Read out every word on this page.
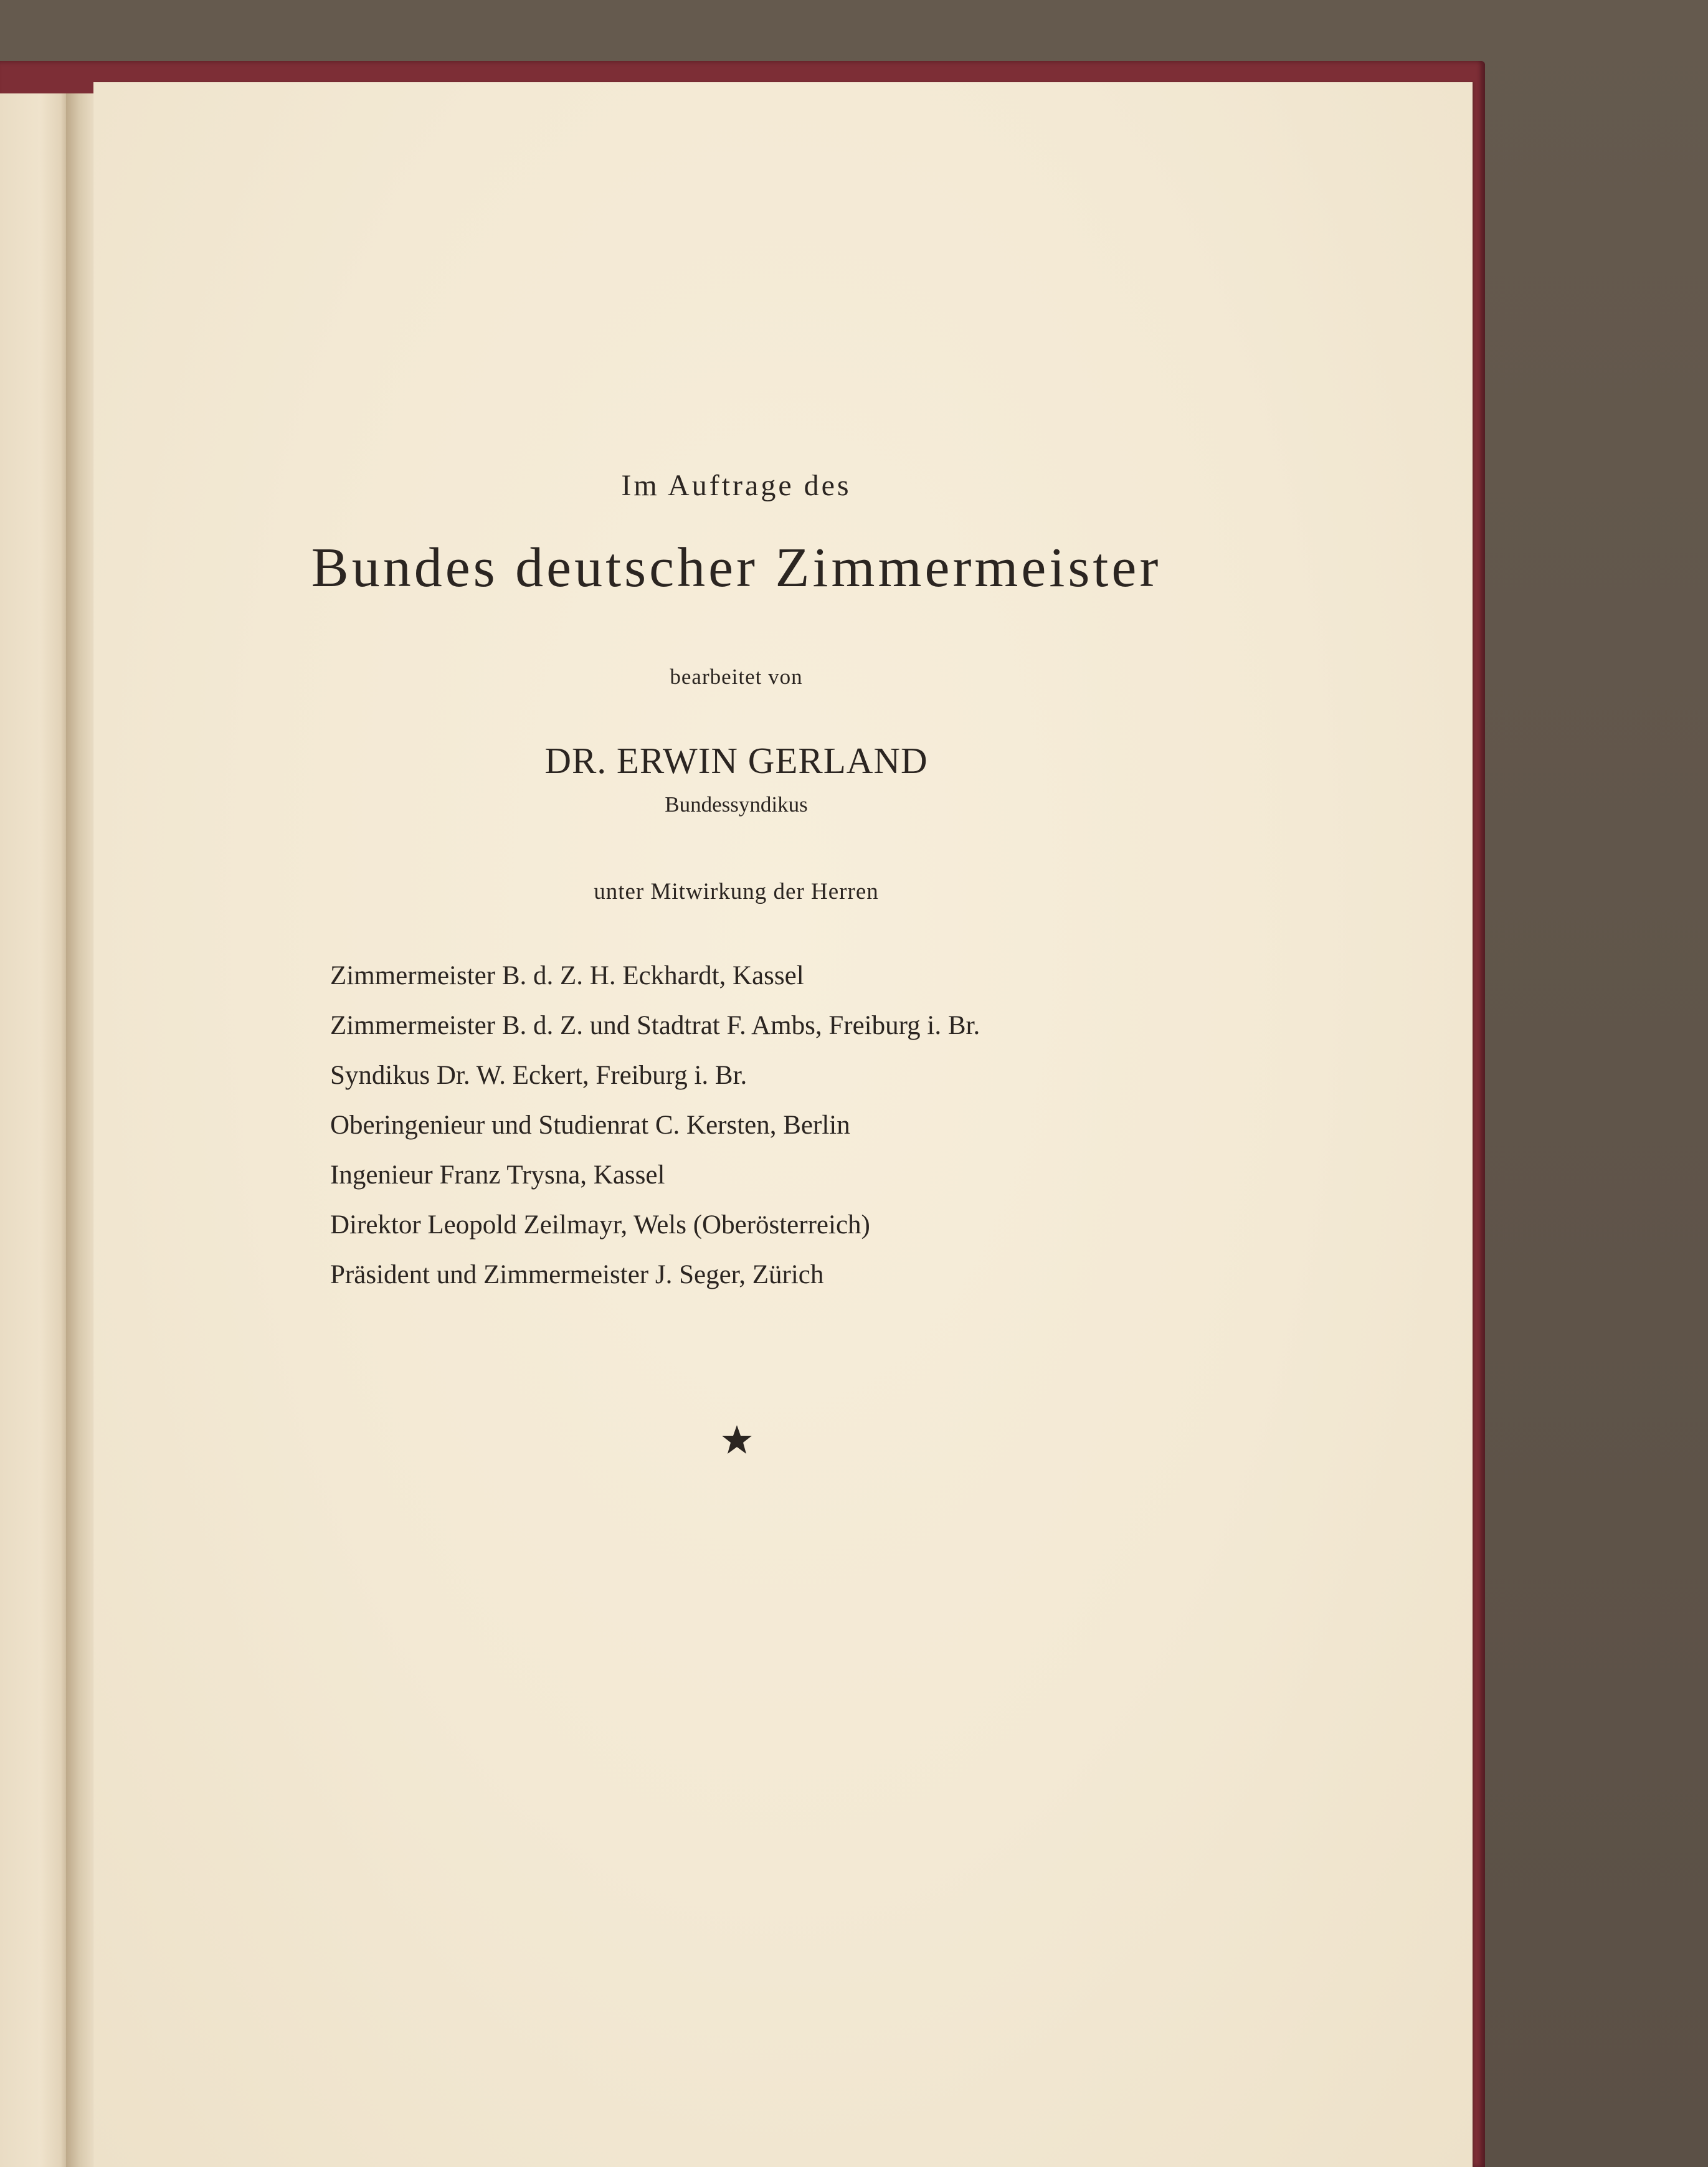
Im Auftrage des
Bundes deutscher Zimmermeister
bearbeitet von
DR. ERWIN GERLAND
Bundessyndikus
unter Mitwirkung der Herren
Zimmermeister B. d. Z. H. Eckhardt, Kassel
Zimmermeister B. d. Z. und Stadtrat F. Ambs, Freiburg i. Br.
Syndikus Dr. W. Eckert, Freiburg i. Br.
Oberingenieur und Studienrat C. Kersten, Berlin
Ingenieur Franz Trysna, Kassel
Direktor Leopold Zeilmayr, Wels (Oberösterreich)
Präsident und Zimmermeister J. Seger, Zürich
